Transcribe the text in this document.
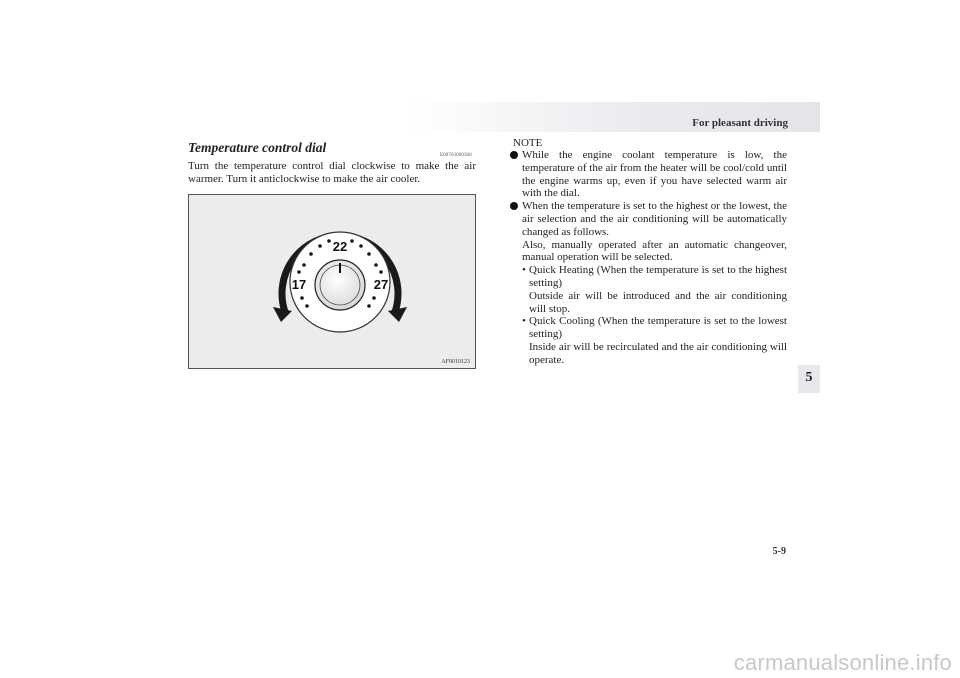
For pleasant driving
Temperature control dial
E00703000360
Turn the temperature control dial clockwise to make the air warmer. Turn it anticlockwise to make the air cooler.
22
17	27
AF0010123
NOTE
While the engine coolant temperature is low, the temperature of the air from the heater will be cool/cold until the engine warms up, even if you have selected warm air with the dial.
When the temperature is set to the highest or the lowest, the air selection and the air conditioning will be automatically changed as follows.
Also, manually operated after an automatic changeover, manual operation will be selected.
• Quick Heating (When the temperature is set to the highest setting)
Outside air will be introduced and the air conditioning will stop.
• Quick Cooling (When the temperature is set to the lowest setting)
Inside air will be recirculated and the air conditioning will operate.
5
5-9
carmanualsonline.info
